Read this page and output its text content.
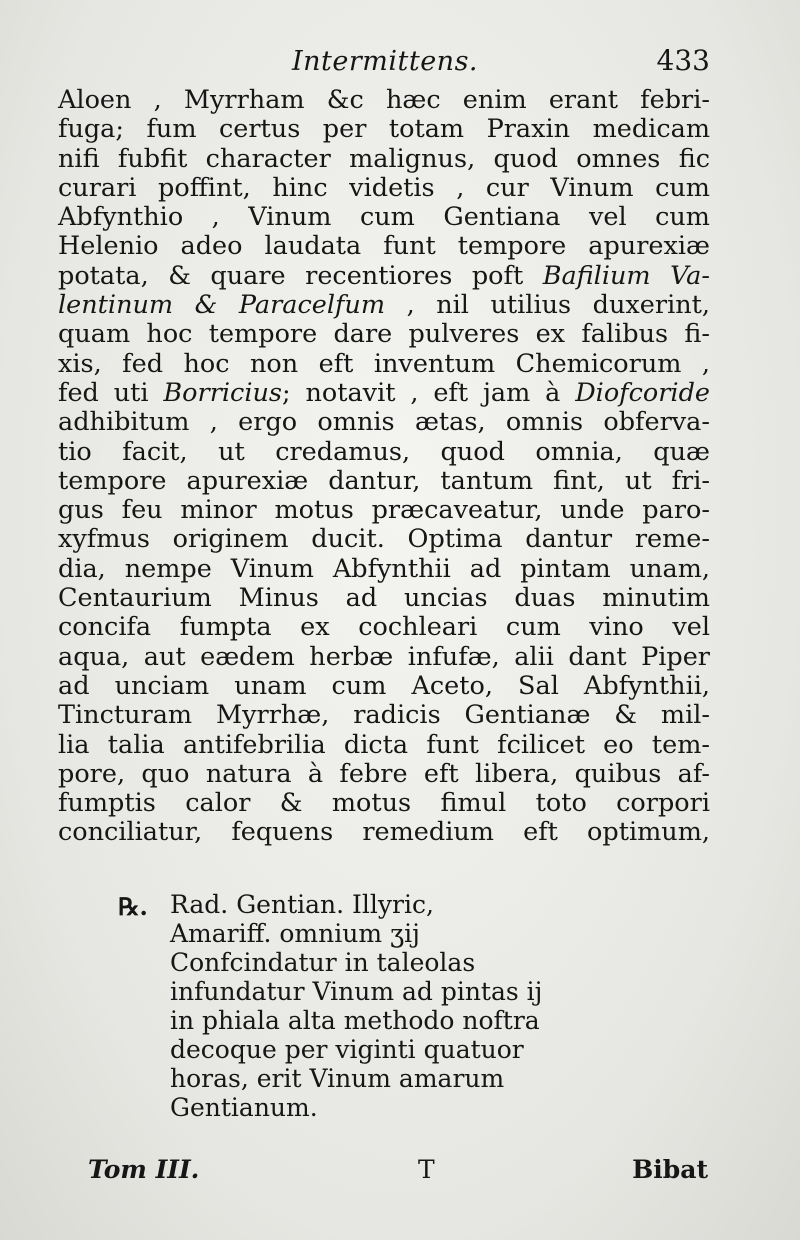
Intermittens.	433
Aloen , Myrrham &c hæc enim erant febri-
fuga; fum certus per totam Praxin medicam
nifi fubfit character malignus, quod omnes fic
curari poffint, hinc videtis , cur Vinum cum
Abfynthio , Vinum cum Gentiana vel cum
Helenio adeo laudata funt tempore apurexiæ
potata, & quare recentiores poft Bafilium Va-
lentinum & Paracelfum , nil utilius duxerint,
quam hoc tempore dare pulveres ex falibus fi-
xis, fed hoc non eft inventum Chemicorum ,
fed uti Borricius; notavit , eft jam à Diofcoride
adhibitum , ergo omnis ætas, omnis obferva-
tio facit, ut credamus, quod omnia, quæ
tempore apurexiæ dantur, tantum fint, ut fri-
gus feu minor motus præcaveatur, unde paro-
xyfmus originem ducit. Optima dantur reme-
dia, nempe Vinum Abfynthii ad pintam unam,
Centaurium Minus ad uncias duas minutim
concifa fumpta ex cochleari cum vino vel
aqua, aut eædem herbæ infufæ, alii dant Piper
ad unciam unam cum Aceto, Sal Abfynthii,
Tincturam Myrrhæ, radicis Gentianæ & mil-
lia talia antifebrilia dicta funt fcilicet eo tem-
pore, quo natura à febre eft libera, quibus af-
fumptis calor & motus fimul toto corpori
conciliatur, fequens remedium eft optimum,
℞. Rad. Gentian. Illyric,
Amariff. omnium ʒij
Confcindatur in taleolas
infundatur Vinum ad pintas ij
in phiala alta methodo noftra
decoque per viginti quatuor
horas, erit Vinum amarum
Gentianum.
Tom III.	T	Bibat
